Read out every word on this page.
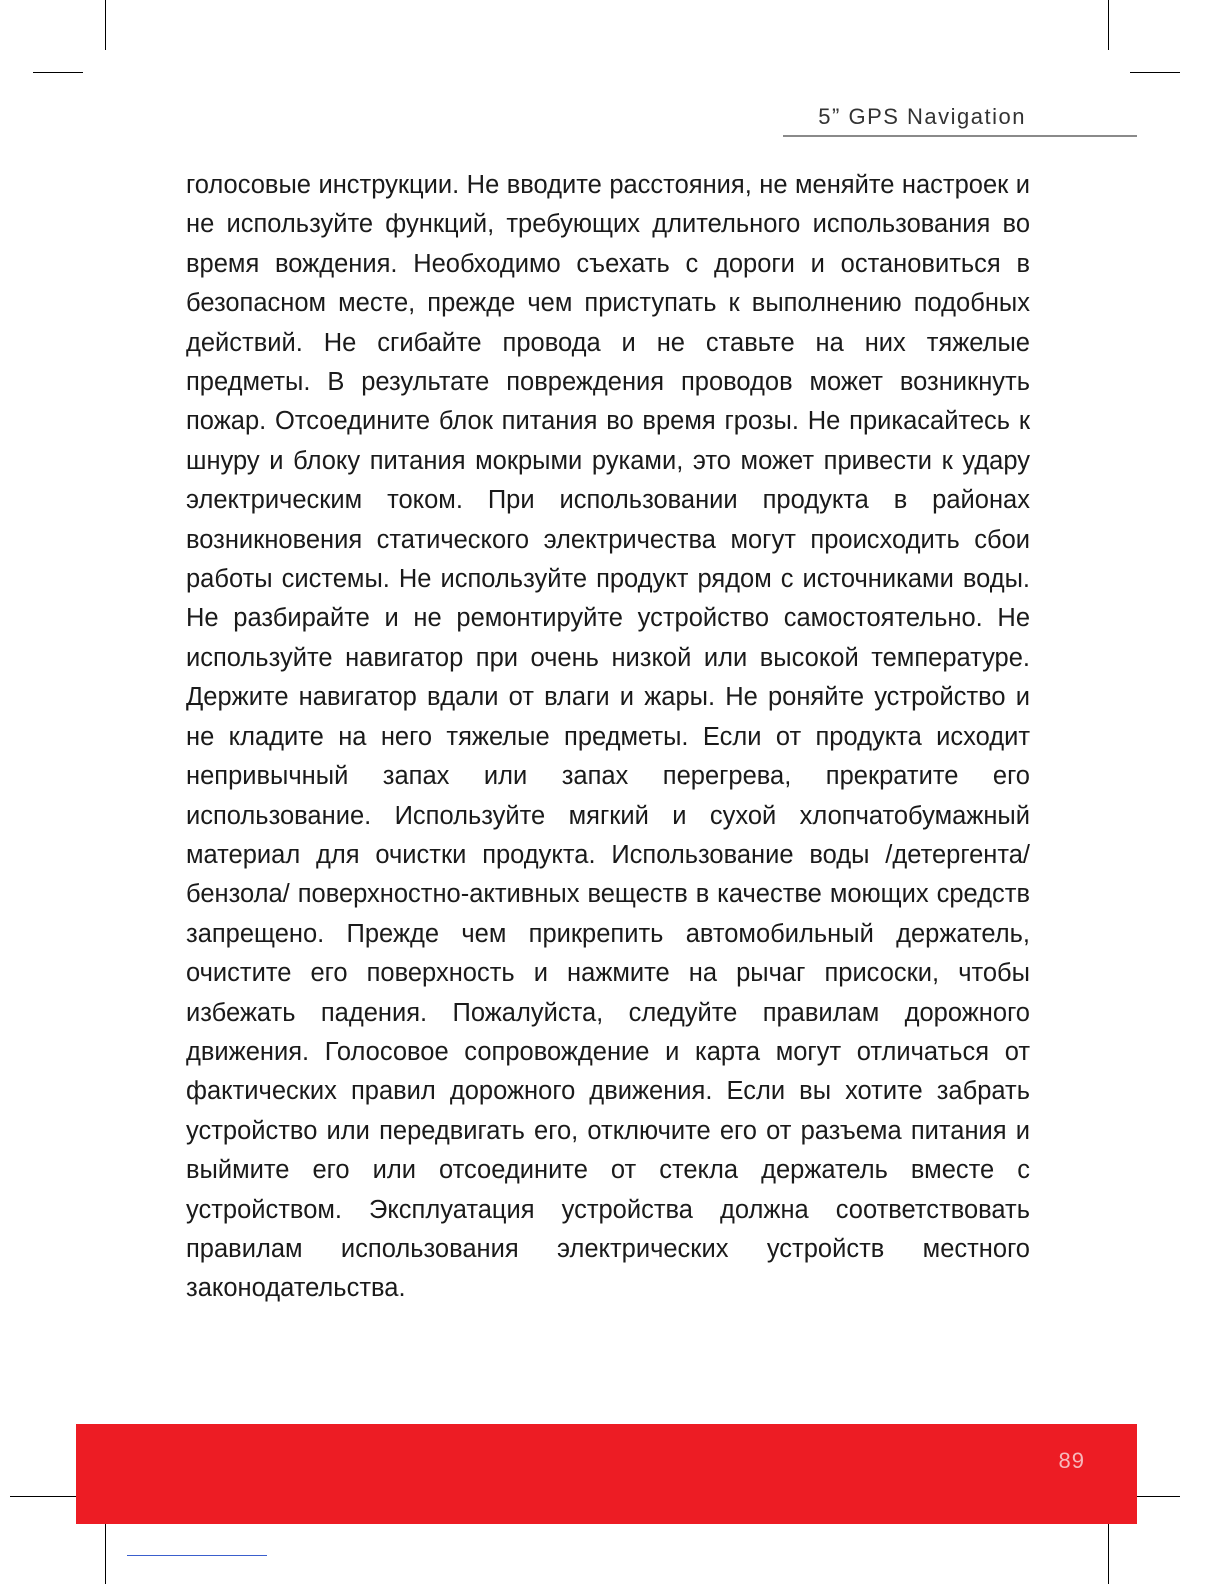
5” GPS Navigation

голосовые инструкции. Не вводите расстояния, не меняйте настроек и не используйте функций, требующих длительного использования во время вождения. Необходимо съехать с дороги и остановиться в безопасном месте, прежде чем приступать к выполнению подобных действий. Не сгибайте провода и не ставьте на них тяжелые предметы. В результате повреждения проводов может возникнуть пожар. Отсоедините блок питания во время грозы. Не прикасайтесь к шнуру и блоку питания мокрыми руками, это может привести к удару электрическим током. При использовании продукта в районах возникновения статического электричества могут происходить сбои работы системы. Не используйте продукт рядом с источниками воды. Не разбирайте и не ремонтируйте устройство самостоятельно. Не используйте навигатор при очень низкой или высокой температуре. Держите навигатор вдали от влаги и жары. Не роняйте устройство и не кладите на него тяжелые предметы. Если от продукта исходит непривычный запах или запах перегрева, прекратите его использование. Используйте мягкий и сухой хлопчатобумажный материал для очистки продукта. Использование воды /детергента/ бензола/ поверхностно-активных веществ в качестве моющих средств запрещено. Прежде чем прикрепить автомобильный держатель, очистите его поверхность и нажмите на рычаг присоски, чтобы избежать падения. Пожалуйста, следуйте правилам дорожного движения. Голосовое сопровождение и карта могут отличаться от фактических правил дорожного движения. Если вы хотите забрать устройство или передвигать его, отключите его от разъема питания и выймите его или отсоедините от стекла держатель вместе с устройством. Эксплуатация устройства должна соответствовать правилам использования электрических устройств местного законодательства.

89
